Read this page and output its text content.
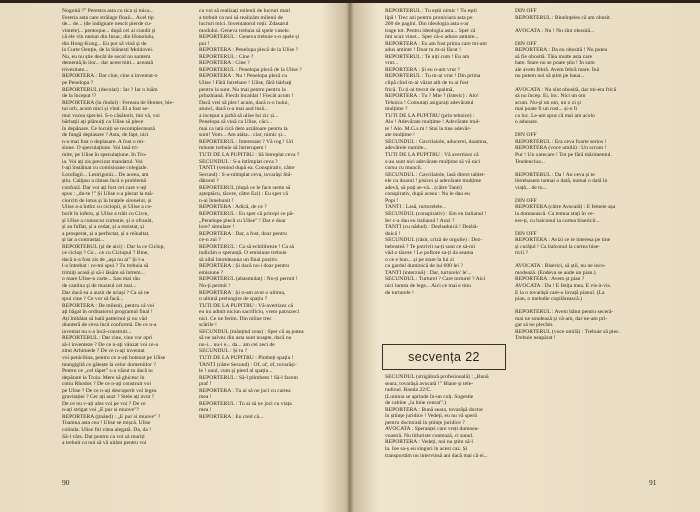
Nogoită ?” Perestra asta cu tica și mica...
Fereria asta care strălage floaii... Acel tip
de... de... (de indignare nescit pierde cu-
vintele)... pentoque... după cei ai condit și
că ele vin numai din Insac, din Honolulu,
din Hong-Kong... Eu pot să vină și de
la Curte Oenție, de la Stănesti Moldovei.
Nu, eu nu știe decât de secol nu suntem
dementă,în ilor... dar acest miti... această
trivesitate...
REPORTERA : Dar cine, cine a inventat-o
pe Penelopa ?
REPORTERUL (decolat) : Iar ? Iar o luăm
de la început !?
REPORTERA (la rîndul) : Fereara de Homer, bie-
tul orb, acum mici și vînd. El a fost se-
mui vocea speciei. S-o căsătorit, tini vă, voi
bărbații ați plănuiți ca Ulise să plece
în depănare. Ce locuiți se recomplectează
de fungă deplasare ? Asta, de fapt, nici
n-a mai fost o deplasare. A fost o mi-
siune. O speculațiune. Voi lasă tri-
mite, pe Ulise în speculațiune. In Tro-
ia. Voi ați zis precizat mandatul. Voi
l-ați înstăinat cu comisioane colegiale.
Lotofagii... Lestrigonii... De aceea, am
știu. Calipso a rămas încă o problemă
confuză. Dar voi ați fost cei care v-ați
spus : „du-te !” Și Ulise s-a plecat la mă-
ciorciti de lotus și în brațele sirenelor, și
Ulise a-a întîrz cu ciclopii, și Ulise a co-
borît în infern, și Ulise a trăit cu Circe,
și Ulise a cunoscut curtenie, și o ofranăt,
și au fuflat, și a cedat, și a rezistat, și
a prosperat, și a perfectat, și a reînaltat,
și iar a contrastat...
REPORTERUL (și de aici) : Dar la ce Ciclop,
ce ciclop ? Ce... ce cu Ciclopul ? Bine,
dacă n-a fost zis de „așa nu ai” Și l-a
l-a întrebat : ce-mi spui ? Tu trebuia să
trimiți acasă și să-i lăsăm să întrem...
o mare Ulise-n carte... Sau mai rău
de cantina și de muzeul cel mai...
Dar dacă ea a auzit de uriași ? Ca să ne
spui cine ? Ce vor să facă...
REPORTERA : De milenii, pentru că voi
ați băgat în ordinatorul programul final !
Ați îmbătat să bată patternul și nu văd
diunteră de ceva încă conformă. De ce n-a
inventat nu s-a încă-construit...
REPORTERUL : Dar cine, cine vor opri
să-l inventeze ? De ce n-ați vânzat voi ce-a
zitut Arhimede ? De ce n-ați inventat
voi penicilina, pentru ce n-ați botezat pe Ulise
mungigită ce gătește la celor domeniilor ?
Pentru ce „cel tăpet” s-a văzut tu dacă tu
depărare la Troia. Mere să ghicesc în
cotiu Rhodos ? De ce n-ați construit voi
pe Ulise ? De ce n-ați descoperit voi legea
gravitației ? Cer ați auzt ? Stele ați avut ?
De ce nu v-ați ales voi pe voi ? De ce
n-ați strigat voi „E pur si muove”?
REPORTERA (ținând) : „E pur si muove” ?
Toamna asta cea ! Ulise se mișcă. Ulise
colinda. Ulise fiti vitea alegată. Da, da !
Să-l vărs. Dar pentru ca voi să muriți
a trebuit ca noi să vă uităm pentru voi
cu voi să realizați milenii de lucruri mari
a trebuit ca noi să realizăm milenii de
lucruri mici. Inventatorul roții. Zdasarul
modului. Geneva trebuia să spele vasele.
REPORTERUL : Geneva trebuie s-o spele și
pui !
REPORTERA : Penelopa plecă de la Ulise ?
REPORTERUL : Cine ?
REPORTERA : Cine ?
REPORTERUL : Penelopa plecă de la Ulise ?
REPORTERA : Nu ! Penelopa plecă cu
Ulise ! Fără întrebare ! Ulise, fără bărbați
pentru la sunt. Nu mai pentru pentru la
prînzhiană. Fiecât încaldat ! Fiecât acum !
Dacă vrei să plec! acum, dacă n-o hului,
atunci, dacă n-a mai aud însă...
a inceput a jarbă să ulise lui zic și...
Penelopa să vină ca Ulise, căci...
mai ca iată cică dem arzătoare pentru la
sunt! Vom... Am atâta... clar, nimic și...
REPORTERUL : Interesant ? Vă rog ! Uri
minute trebuie să întrerupem !
TUTI DE LA PUPITRU : Să întreplat ceva ?
SECUNDUL : S-a întîmplat ceva ?
TANTI (venind după ea. Conspirativ, către
Secund) : S-a-ntîmplat ceva, tovarăși Stă-
dătorul ?
REPORTERUL (după ce le face semn să
așteptăcu, tăcere, către Ezi) : Eu sper că
n-ai înnebunit !
REPORTERA : Adică, de ce ?
REPORTERUL : Eu sper că pricepi ce pă-
„Penelope plecă cu Ulise” ! Dar e doar
lore? simulare !
REPORTERA : Dar, a fost, doar pentru
ce-n zui ?
REPORTERUL : Ca să echilibreze ! Ca să
indicăm o speranță. O emisiune trebuie
să aibă întotdeauna un final pozitiv.
REPORTERA : Și dacă nu-i doar pentru
emisiune ?
REPORTERUL (abasmidat) : Nu-ți permit !
Nu-ți permit !
REPORTERA : Și n-am avut o ultima,
o ultimă prelungire de spațiu ?
TUTI DE LA PUPITRU : Vă-avertizez că
eu nu admit niciun sacrificiu, vrem patruzeci
nici. Ce ne ferim. Din mîine trec
scările !
SECUNDUL (mănțind ceas) : Sper că aș putea
să ne salvez din asta sunt noapte, dacă nu
nu-i... nu-i e... da... am cel zeci de
SECUNDUL : Și tu ?
TUTI DE LA PUPITRU : Pimbeți spațiu !
TANTI (către Secund) : Of, of, of, tovarăși-
le ! unul, cum și pierd al spațiu...
REPORTERUL : Să-l plimbem ! Să-l facem
praf !
REPORTERA : Tu ai să ne joci cu cartea
mea !
REPORTERUL : Tu ai să ne joci cu viața
mea !
REPORTERA : Eu cred că...
REPORTERUL : Tu eștii nimic ! Tu eștii
lipă ! Trec azi pentru proniciara asta pe
200 de pagini. Din ideologia asta s-ar
trage tot. Pentru ideologia asta... Sper că
îmi scuz vinet... Sper că-o aduce aminte...
REPORTERA : Eu am fost prima care mi-am
adus aminte ! Doar tu m-ai făcut !
REPORTERUL : Te uiți cum ! Eu am
vrut...
REPORTERA : Și eu n-am vrut ?
REPORTERUL : Tu m-ai vrut ! Din prima
clipă cînd m-ai văzut atît de tu ai fost
frică. Tu ți-ai trecut de spaimă,
REPORTERA : Tu ? Mie ? (Isteric) : Alo!
Tehnica ! Comutați asigurați adevăratul
mulțime ?
TUTI DE LA PUPITRU (prin tehnice) :
Alo ! Adevărate mulțime ! Adevărate mul-
te ! Alo. M.G.s.m ! Stai la tine adevăr-
ate mulțime !
SECUNDUL : Gavrilaiole, aducerei, doamna,
adevărele numite...
TUTI DE LA PUPITRU : Vă avertizez că
s-au sunt nici adevărate mulțime să vă nici
cursu cu muncii.
SECUNDUL : Gavrilaiole, lasă direct tablet-
ele cu doarul ! pisicei și adevărate mulțime
adevă, să poți se-vă... (către Tanti)
conspirativ, după aceea : Nu le dau eu
Popi !
TANTI : Lasă, turturelele...
SECUNDUL (conspirativ) : Em eu italianul !
Ier c-a dau eu italianul ! Auzi ?
TANTI (cu nădud) : Dezbaduică ! Dezbă-
duică !
SECUNDUL (râsit, criză de orgolie) : Dez-
bebosteă ? Te potrivit sa-ți sunt ce să-mi
văd o tăcere ! Le poftore sa-ți da seama
o ce e bun... și pe stare la lui zi
cu gardul duminică de lui 600 lei ?
TANTI (interzisă) : Dar, turturelo' le'...
SECUNDUL : Turturel ? Care turturel ? Aici
nici lumea de lege... Aici ce mai e tinu
de turturele !
SECUNDUL (strigătură profesională) : „Bună
seara, tovarășă avocată !” Blane și tele-
radioul. Banda 22/C.
(Lumina se aprinde în-un colț. Sugestie
de cabine „la bine cenrat”.)
REPORTERA : Bună seara, tovarășă doctor
în științe juridice ! Vedeți, eu nu vă sperii
pentru doctorată în științe juridice ?
AVOCATA : Speranței care vreți dumnea-
voastră. Nu titluriste contează, ci sunul.
REPORTERA : Vedeți, noi nu știm să-l
la. Ioe sa-ș eu singuri în acest caz. Și
transportăm nu intervinsă ani dacă mai că ei...
secvența 22
DIN OFF
REPORTERUL : Bineînțeles că am obosit.

AVOCATA : Nu ! Nu sînt obosită...

DIN OFF
REPORTERA : Da eu obosită ! Nu putea
să fie obosită. Tăia mutte asta care
bate. Stare nu se poate știu ! În sum
ale avem febră. Avem febră mare. Înă
nu putem noi să știm pe baua...

AVOCATA : Nu sînt obosită, dar mi-era frică
să nu încep. Ei, înc. Nici un om
acum. Nu-și un om, un o zi și
mai poate fi un rost... și-o fi
ca loc. Le-am spus că mai am acolo
o adunare.

DIN OFF
REPORTERUL : Era ceva foarte serios !
REPORTERA (voce umilă) : Un scrum !
Pur ! Un oarecare ! Tot pe fără mărimentul.
Tendenciua...

REPORTERUL : Da ! Au ceva și te
întrebasem numai o dată, numai o dată în
viață... de tu...

DIN OFF
REPORTERA (către Avocată) : E femeie așa
la domnească. Ca temna stați în ve-
ere-ți, cu balconul la curtea bisericii...

DIN OFF
REPORTERA : Avizi ce te interesa pe tine
și curățul ! Ca balconul la curtea bise-
ricii ?

AVOCATA : Biserici, să știi, nu ne inco-
modează. (Endeva se aude un pian.)
REPORTERA : Avem șt pian ?
AVOCATA : Da ! E fetița mea. E vis-à-vis.
E la o tovarășă care-o învață pianul. (La
pian, o melodie copilărească.)

REPORTERUL : Avem bătut pentru seceră-
mai ne sondează și vă-am, dar ne-am pri-
gat să ne plecăm.
REPORTERUL (voce umilă) : Trebuie să plec.
Trebuie neapărat !
90	91
